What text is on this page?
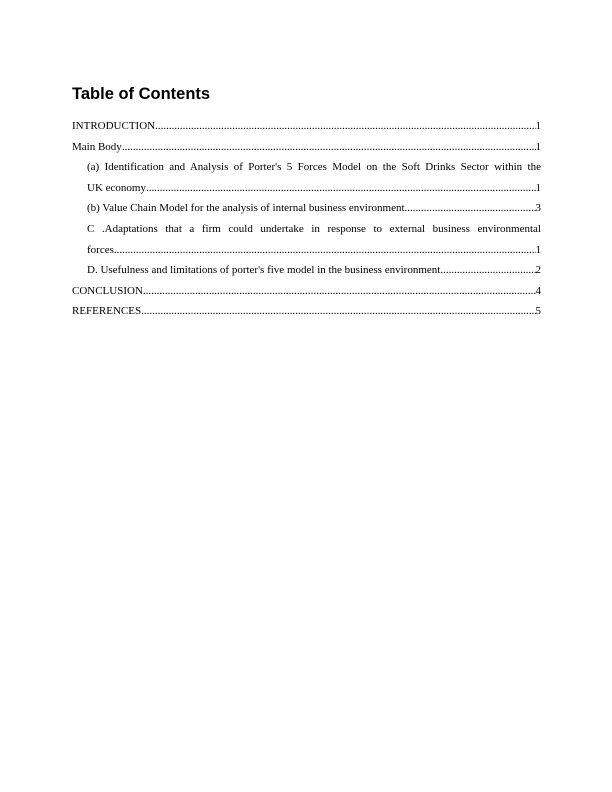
Table of Contents
INTRODUCTION .....	1
Main Body .....	1
(a) Identification and Analysis of Porter's 5 Forces Model on the Soft Drinks Sector within the
UK economy .....	1
(b) Value Chain Model for the analysis of internal business environment .....	3
C .Adaptations that a firm could undertake in response to external business environmental
forces .....	1
D. Usefulness and limitations of porter's five model in the business environment .....	2
CONCLUSION .....	4
REFERENCES .....	5
